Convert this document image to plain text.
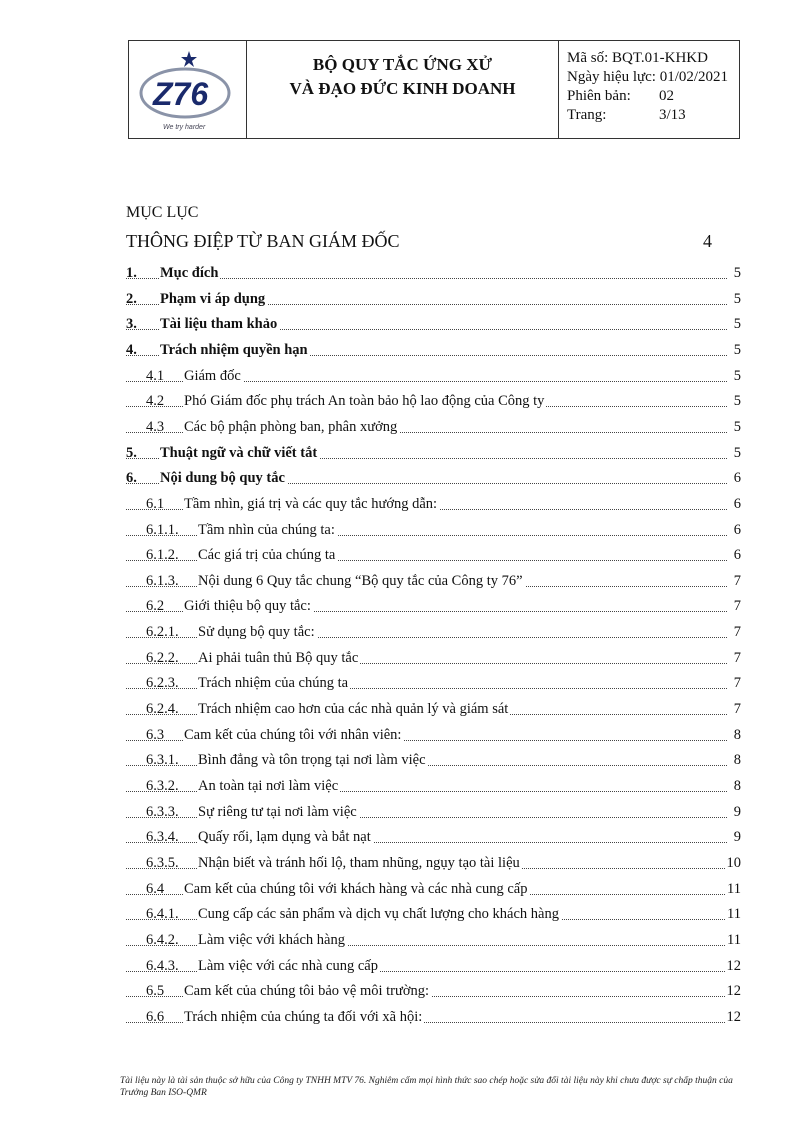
Z76
We try harder
BỘ QUY TẮC ỨNG XỬ
VÀ ĐẠO ĐỨC KINH DOANH
Mã số:
BQT.01-KHKD
Ngày hiệu lực:
01/02/2021
Phiên bản:	02
Trang:	3/13
MỤC LỤC
THÔNG ĐIỆP TỪ BAN GIÁM ĐỐC	4
1. Mục đích	5
2. Phạm vi áp dụng	5
3. Tài liệu tham khảo	5
4. Trách nhiệm quyền hạn	5
4.1 Giám đốc	5
4.2 Phó Giám đốc phụ trách An toàn bảo hộ lao động của Công ty	5
4.3 Các bộ phận phòng ban, phân xưởng	5
5. Thuật ngữ và chữ viết tắt	5
6. Nội dung bộ quy tắc	6
6.1 Tầm nhìn, giá trị và các quy tắc hướng dẫn:	6
6.1.1. Tầm nhìn của chúng ta:	6
6.1.2. Các giá trị của chúng ta	6
6.1.3. Nội dung 6 Quy tắc chung “Bộ quy tắc của Công ty 76”	7
6.2 Giới thiệu bộ quy tắc:	7
6.2.1. Sử dụng bộ quy tắc:	7
6.2.2. Ai phải tuân thủ Bộ quy tắc	7
6.2.3. Trách nhiệm của chúng ta	7
6.2.4. Trách nhiệm cao hơn của các nhà quản lý và giám sát	7
6.3 Cam kết của chúng tôi với nhân viên:	8
6.3.1. Bình đẳng và tôn trọng tại nơi làm việc	8
6.3.2. An toàn tại nơi làm việc	8
6.3.3. Sự riêng tư tại nơi làm việc	9
6.3.4. Quấy rối, lạm dụng và bắt nạt	9
6.3.5. Nhận biết và tránh hối lộ, tham nhũng, ngụy tạo tài liệu	10
6.4 Cam kết của chúng tôi với khách hàng và các nhà cung cấp	11
6.4.1. Cung cấp các sản phẩm và dịch vụ chất lượng cho khách hàng	11
6.4.2. Làm việc với khách hàng	11
6.4.3. Làm việc với các nhà cung cấp	12
6.5 Cam kết của chúng tôi bảo vệ môi trường:	12
6.6 Trách nhiệm của chúng ta đối với xã hội:	12
Tài liệu này là tài sản thuộc sở hữu của Công ty TNHH MTV 76. Nghiêm cấm mọi hình thức sao chép hoặc sửa đổi tài liệu này khi chưa được sự chấp thuận của Trưởng Ban ISO-QMR
